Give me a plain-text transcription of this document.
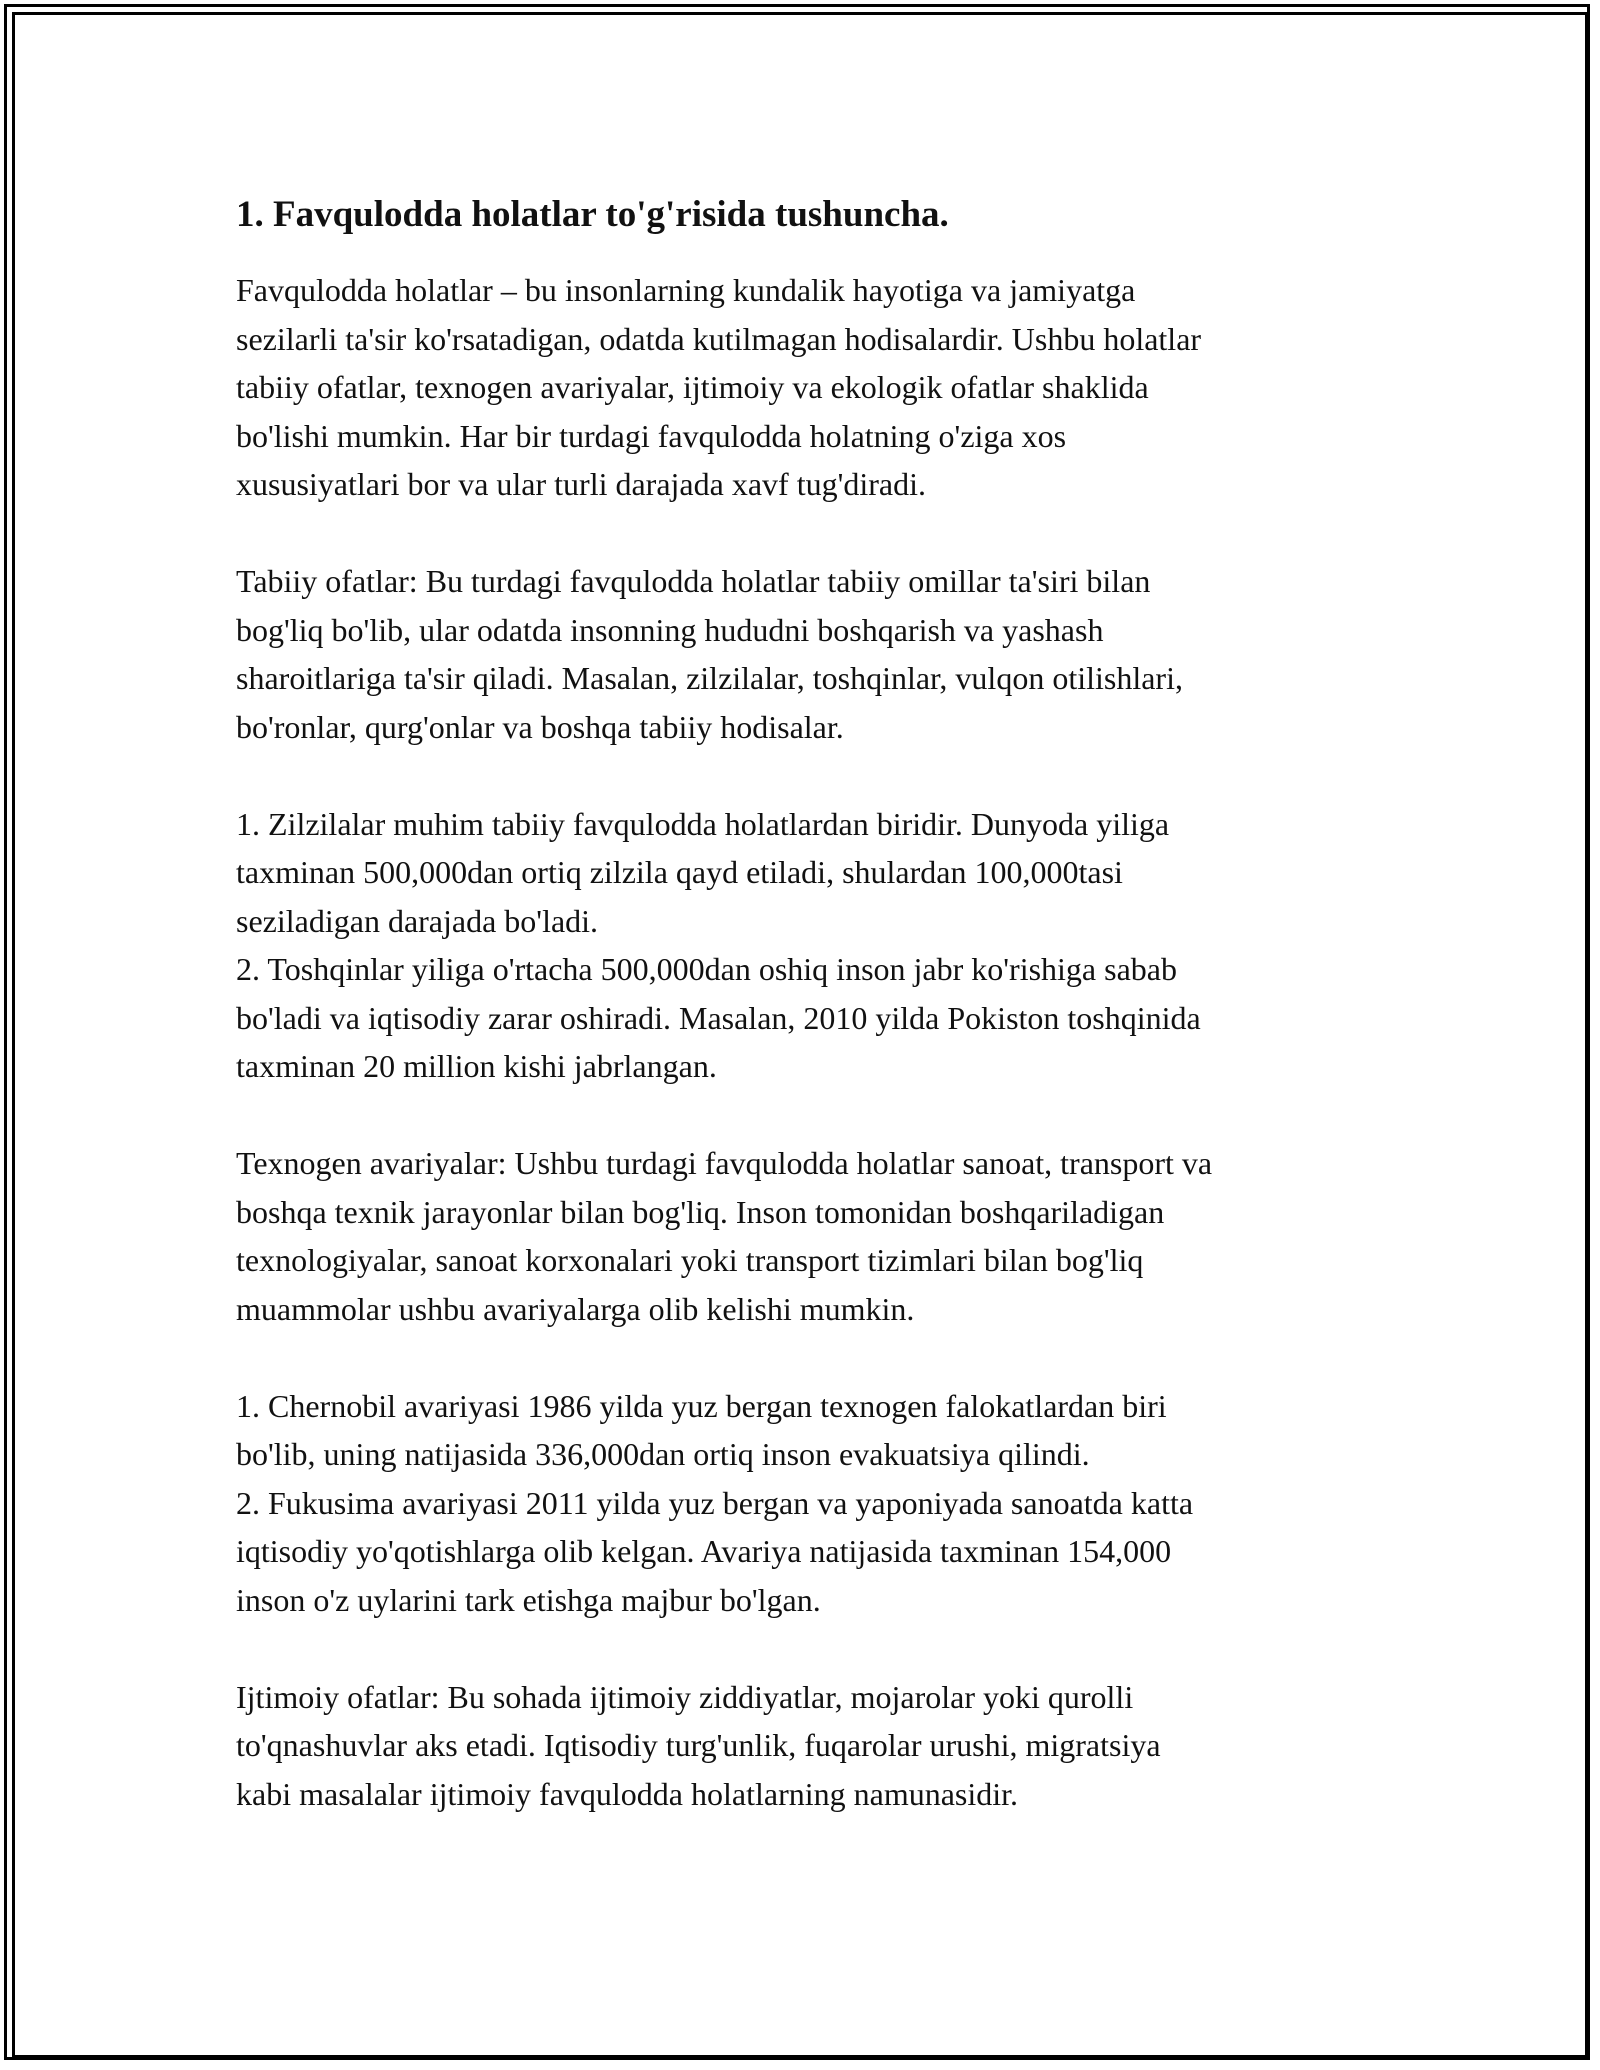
1. Favqulodda holatlar to'g'risida tushuncha.

Favqulodda holatlar – bu insonlarning kundalik hayotiga va jamiyatga
sezilarli ta'sir ko'rsatadigan, odatda kutilmagan hodisalardir. Ushbu holatlar
tabiiy ofatlar, texnogen avariyalar, ijtimoiy va ekologik ofatlar shaklida
bo'lishi mumkin. Har bir turdagi favqulodda holatning o'ziga xos
xususiyatlari bor va ular turli darajada xavf tug'diradi.

Tabiiy ofatlar: Bu turdagi favqulodda holatlar tabiiy omillar ta'siri bilan
bog'liq bo'lib, ular odatda insonning hududni boshqarish va yashash
sharoitlariga ta'sir qiladi. Masalan, zilzilalar, toshqinlar, vulqon otilishlari,
bo'ronlar, qurg'onlar va boshqa tabiiy hodisalar.

1. Zilzilalar muhim tabiiy favqulodda holatlardan biridir. Dunyoda yiliga
taxminan 500,000dan ortiq zilzila qayd etiladi, shulardan 100,000tasi
seziladigan darajada bo'ladi.
2. Toshqinlar yiliga o'rtacha 500,000dan oshiq inson jabr ko'rishiga sabab
bo'ladi va iqtisodiy zarar oshiradi. Masalan, 2010 yilda Pokiston toshqinida
taxminan 20 million kishi jabrlangan.

Texnogen avariyalar: Ushbu turdagi favqulodda holatlar sanoat, transport va
boshqa texnik jarayonlar bilan bog'liq. Inson tomonidan boshqariladigan
texnologiyalar, sanoat korxonalari yoki transport tizimlari bilan bog'liq
muammolar ushbu avariyalarga olib kelishi mumkin.

1. Chernobil avariyasi 1986 yilda yuz bergan texnogen falokatlardan biri
bo'lib, uning natijasida 336,000dan ortiq inson evakuatsiya qilindi.
2. Fukusima avariyasi 2011 yilda yuz bergan va yaponiyada sanoatda katta
iqtisodiy yo'qotishlarga olib kelgan. Avariya natijasida taxminan 154,000
inson o'z uylarini tark etishga majbur bo'lgan.

Ijtimoiy ofatlar: Bu sohada ijtimoiy ziddiyatlar, mojarolar yoki qurolli
to'qnashuvlar aks etadi. Iqtisodiy turg'unlik, fuqarolar urushi, migratsiya
kabi masalalar ijtimoiy favqulodda holatlarning namunasidir.
